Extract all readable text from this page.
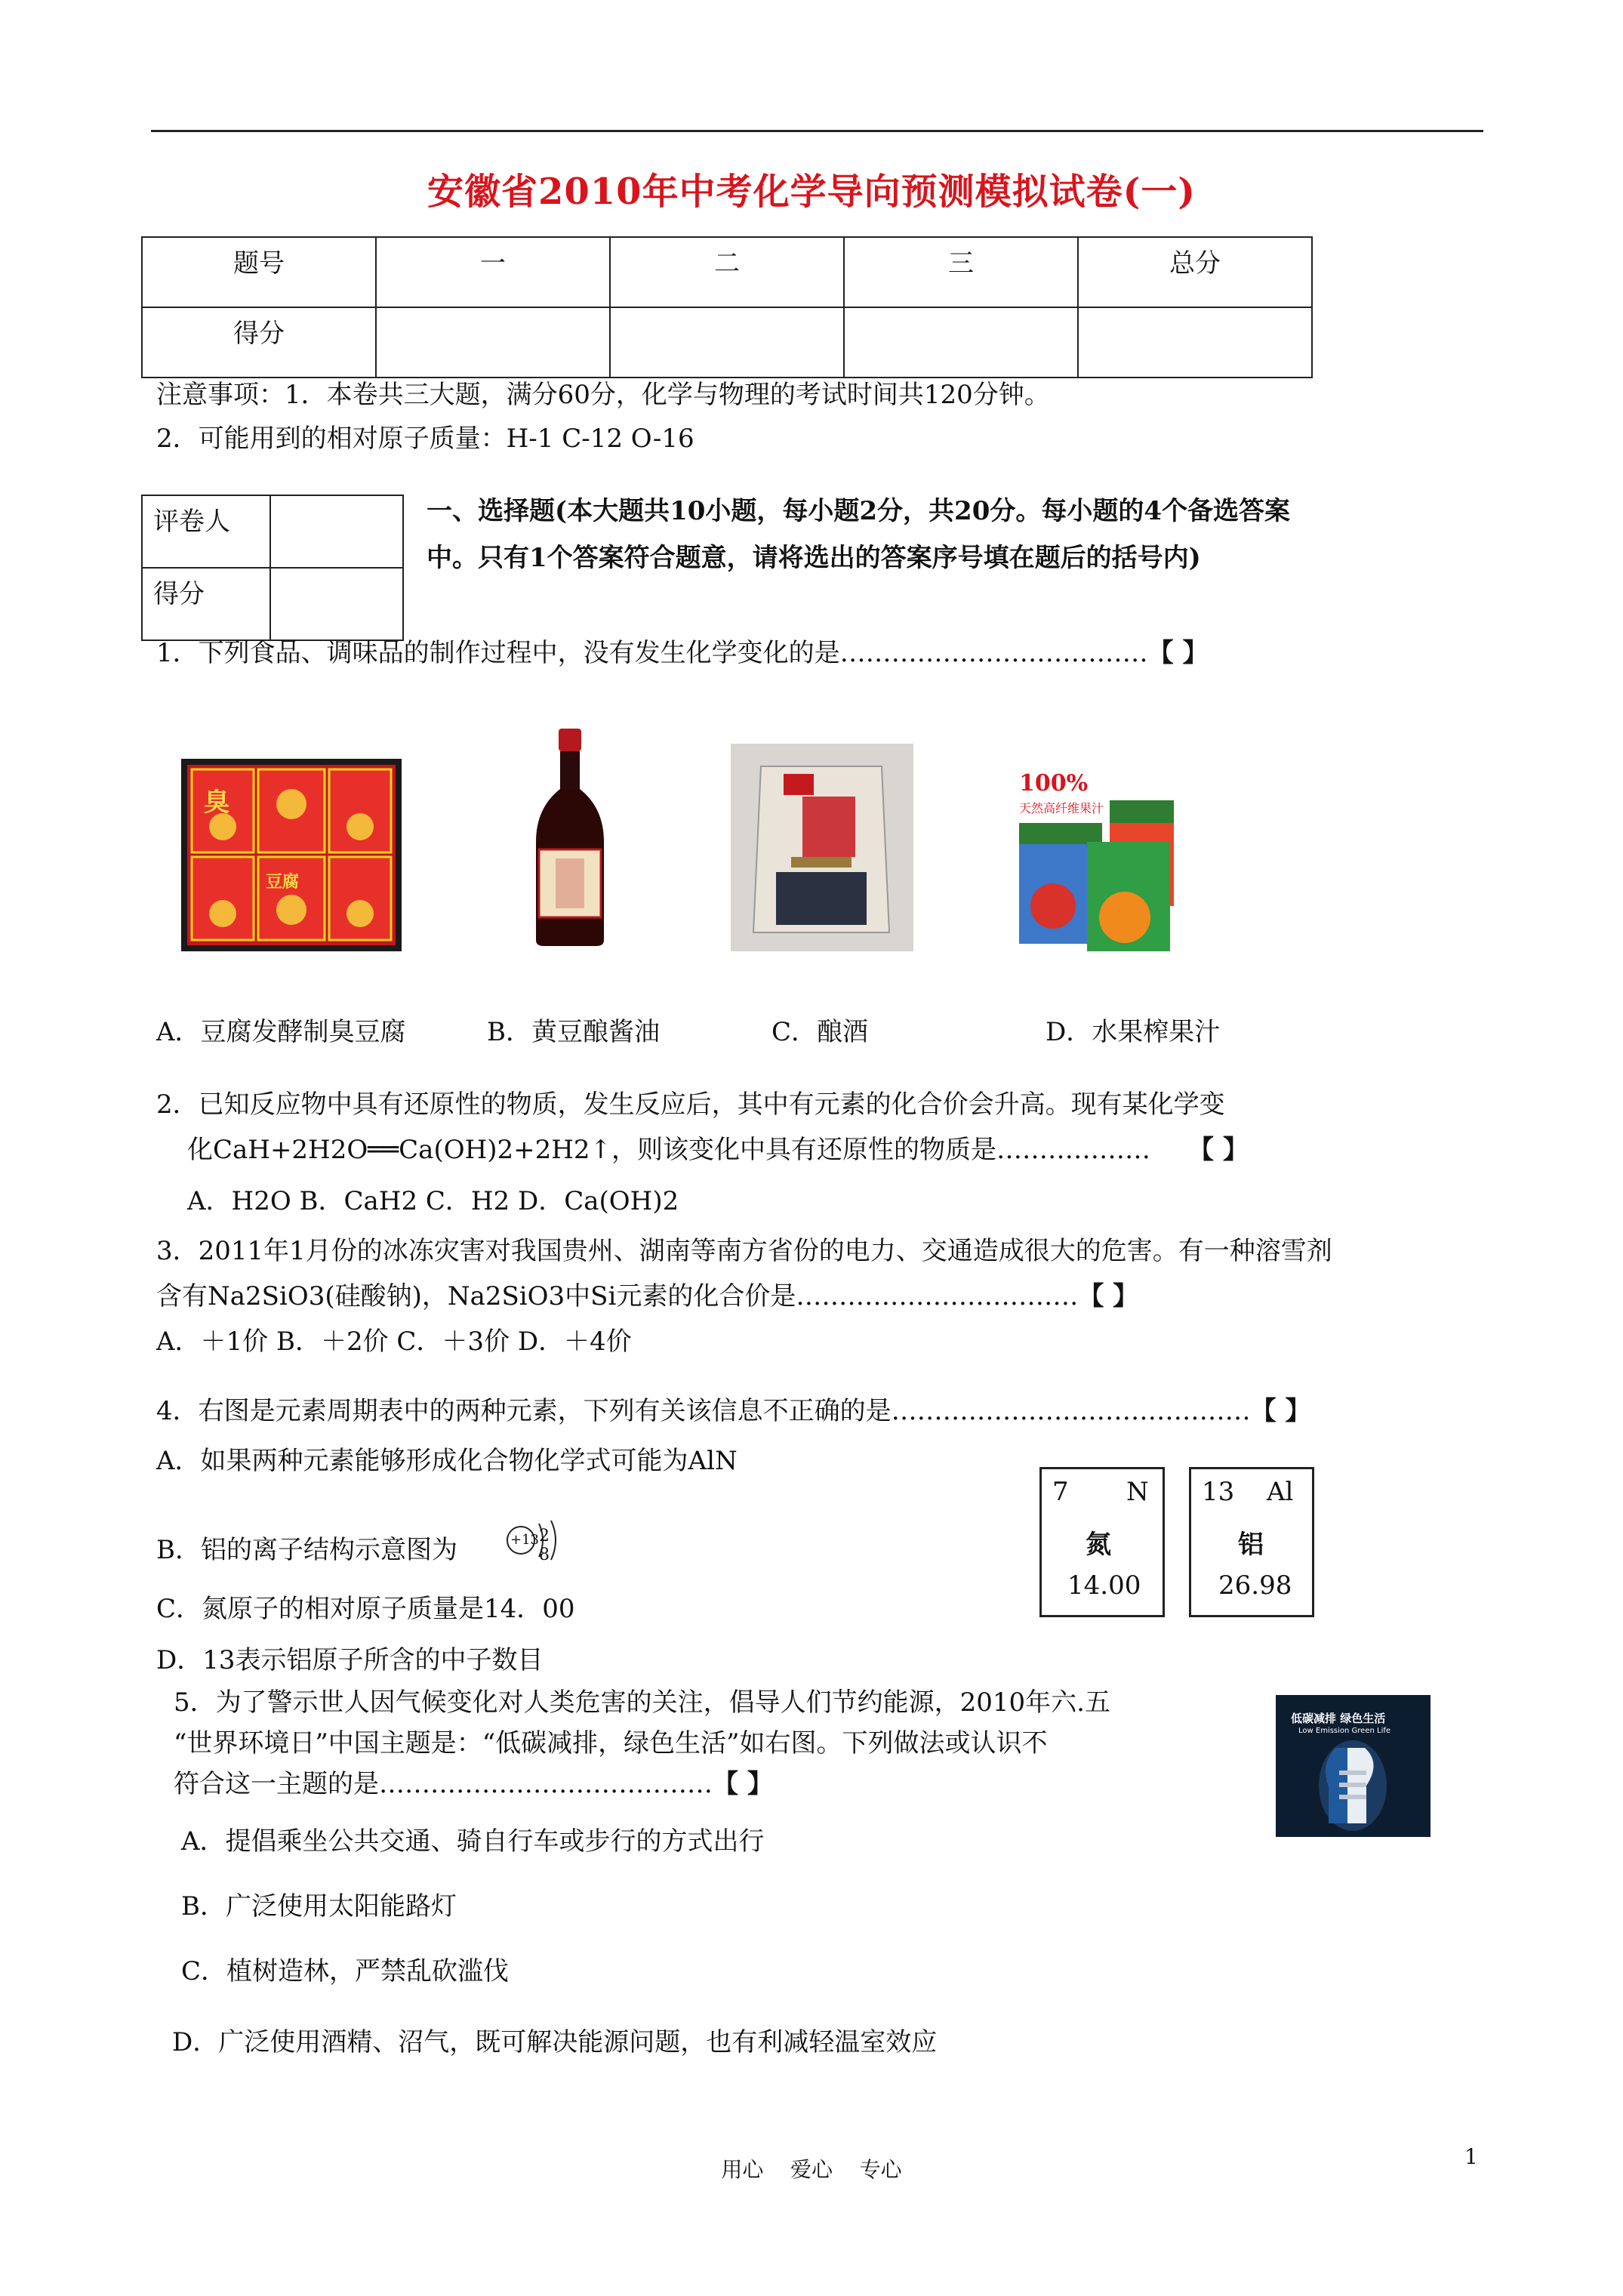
安徽省2010年中考化学导向预测模拟试卷(一)
题号	一	二	三	总分
得分				
注意事项：1．本卷共三大题，满分60分，化学与物理的考试时间共120分钟。
2．可能用到的相对原子质量：H-1 C-12 O-16
评卷人	
得分	
一、选择题(本大题共10小题，每小题2分，共20分。每小题的4个备选答案
中。只有1个答案符合题意，请将选出的答案序号填在题后的括号内)
1．下列食品、调味品的制作过程中，没有发生化学变化的是………………………………【 】
臭
豆腐
100%
天然高纤维果汁
A．豆腐发酵制臭豆腐	B．黄豆酿酱油	C．酿酒	D．水果榨果汁
2．已知反应物中具有还原性的物质，发生反应后，其中有元素的化合价会升高。现有某化学变
化CaH+2H2O══Ca(OH)2+2H2↑，则该变化中具有还原性的物质是……………… 【 】
A．H2O B．CaH2 C．H2 D．Ca(OH)2
3．2011年1月份的冰冻灾害对我国贵州、湖南等南方省份的电力、交通造成很大的危害。有一种溶雪剂
含有Na2SiO3(硅酸钠)，Na2SiO3中Si元素的化合价是……………………………【 】
A．＋1价 B．＋2价 C．＋3价 D．＋4价
4．右图是元素周期表中的两种元素，下列有关该信息不正确的是……………………………………【 】
A．如果两种元素能够形成化合物化学式可能为AlN
B．铝的离子结构示意图为	+13 2 8
C．氮原子的相对原子质量是14．00
D．13表示铝原子所含的中子数目
7 N
氮
14.00
13 Al
铝
26.98
5．为了警示世人因气候变化对人类危害的关注，倡导人们节约能源，2010年六.五
“世界环境日”中国主题是：“低碳减排，绿色生活”如右图。下列做法或认识不
符合这一主题的是…………………………………【 】
低碳减排 绿色生活
Low Emission Green Life
A．提倡乘坐公共交通、骑自行车或步行的方式出行
B．广泛使用太阳能路灯
C．植树造林，严禁乱砍滥伐
D．广泛使用酒精、沼气，既可解决能源问题，也有利减轻温室效应
用心    爱心    专心
1
